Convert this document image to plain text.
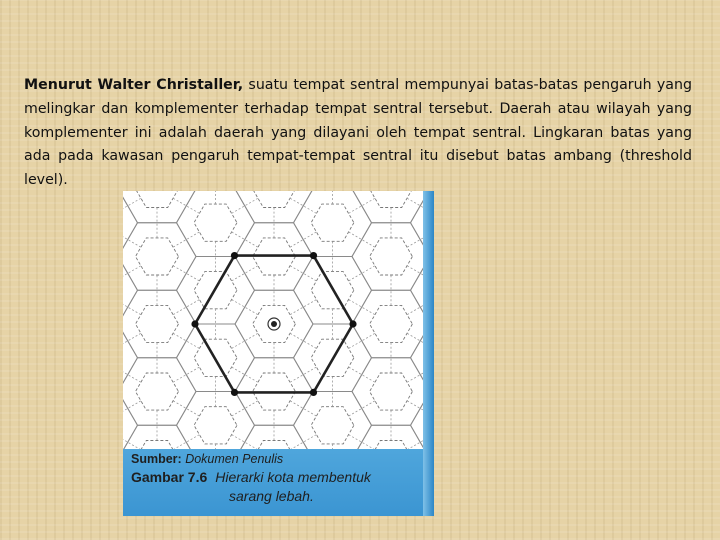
Menurut Walter Christaller, suatu tempat sentral mempunyai batas-batas pengaruh yang melingkar dan komplementer terhadap tempat sentral tersebut. Daerah atau wilayah yang komplementer ini adalah daerah yang dilayani oleh tempat sentral. Lingkaran batas yang ada pada kawasan pengaruh tempat-tempat sentral itu disebut batas ambang (threshold level).
Sumber: Dokumen Penulis
Gambar 7.6 Hierarki kota membentuk
sarang lebah.
